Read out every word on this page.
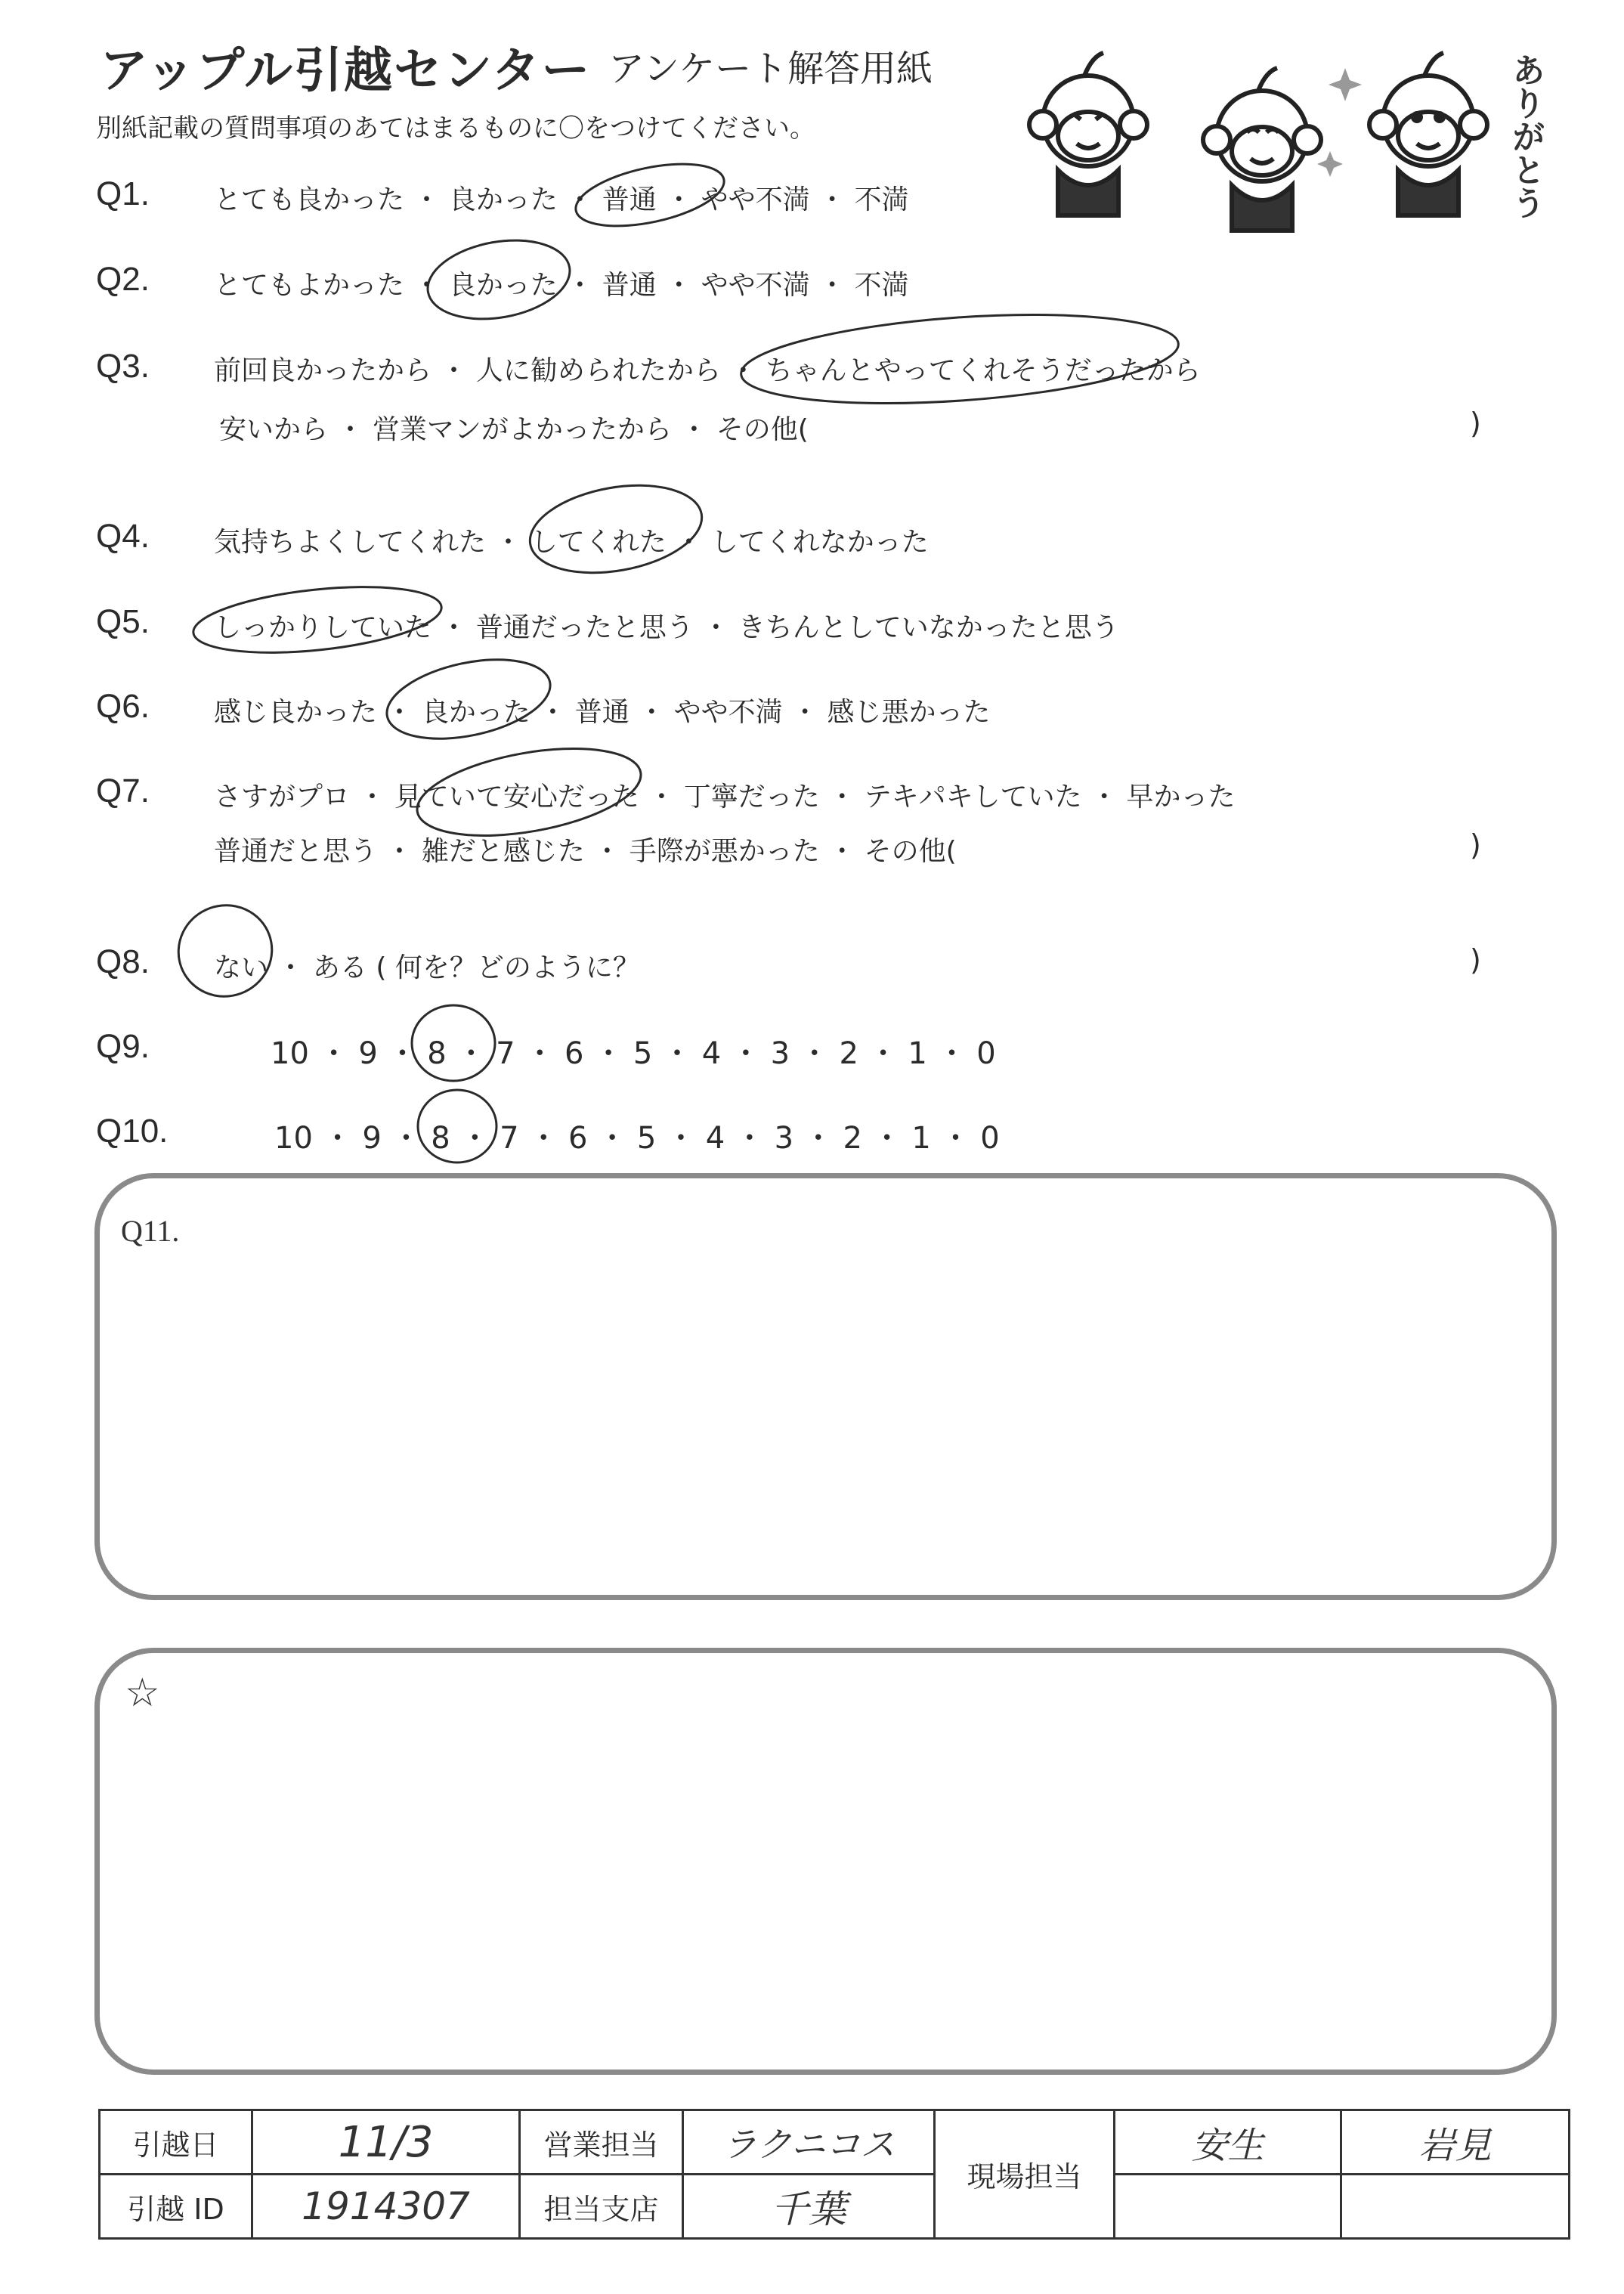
アップル引越センター アンケート解答用紙
別紙記載の質問事項のあてはまるものに〇をつけてください。	ありがとう
Q1. とても良かった ・ 良かった ・ 普通 ・ やや不満 ・ 不満
Q2. とてもよかった ・ 良かった ・ 普通 ・ やや不満 ・ 不満
Q3. 前回良かったから ・ 人に勧められたから ・ ちゃんとやってくれそうだったから
安いから ・ 営業マンがよかったから ・ その他(	)
Q4. 気持ちよくしてくれた ・ してくれた ・ してくれなかった
Q5. しっかりしていた ・ 普通だったと思う ・ きちんとしていなかったと思う
Q6. 感じ良かった ・ 良かった ・ 普通 ・ やや不満 ・ 感じ悪かった
Q7. さすがプロ ・ 見ていて安心だった ・ 丁寧だった ・ テキパキしていた ・ 早かった
普通だと思う ・ 雑だと感じた ・ 手際が悪かった ・ その他(	)
Q8. ない ・ ある ( 何を？どのように？	)
Q9.	10 ・ 9 ・ 8 ・ 7 ・ 6 ・ 5 ・ 4 ・ 3 ・ 2 ・ 1 ・ 0
Q10.	10 ・ 9 ・ 8 ・ 7 ・ 6 ・ 5 ・ 4 ・ 3 ・ 2 ・ 1 ・ 0
Q11.
☆
引越日	11/3	営業担当	ラクニコス	現場担当	安生	岩見
引越 ID	1914307	担当支店	千葉			
